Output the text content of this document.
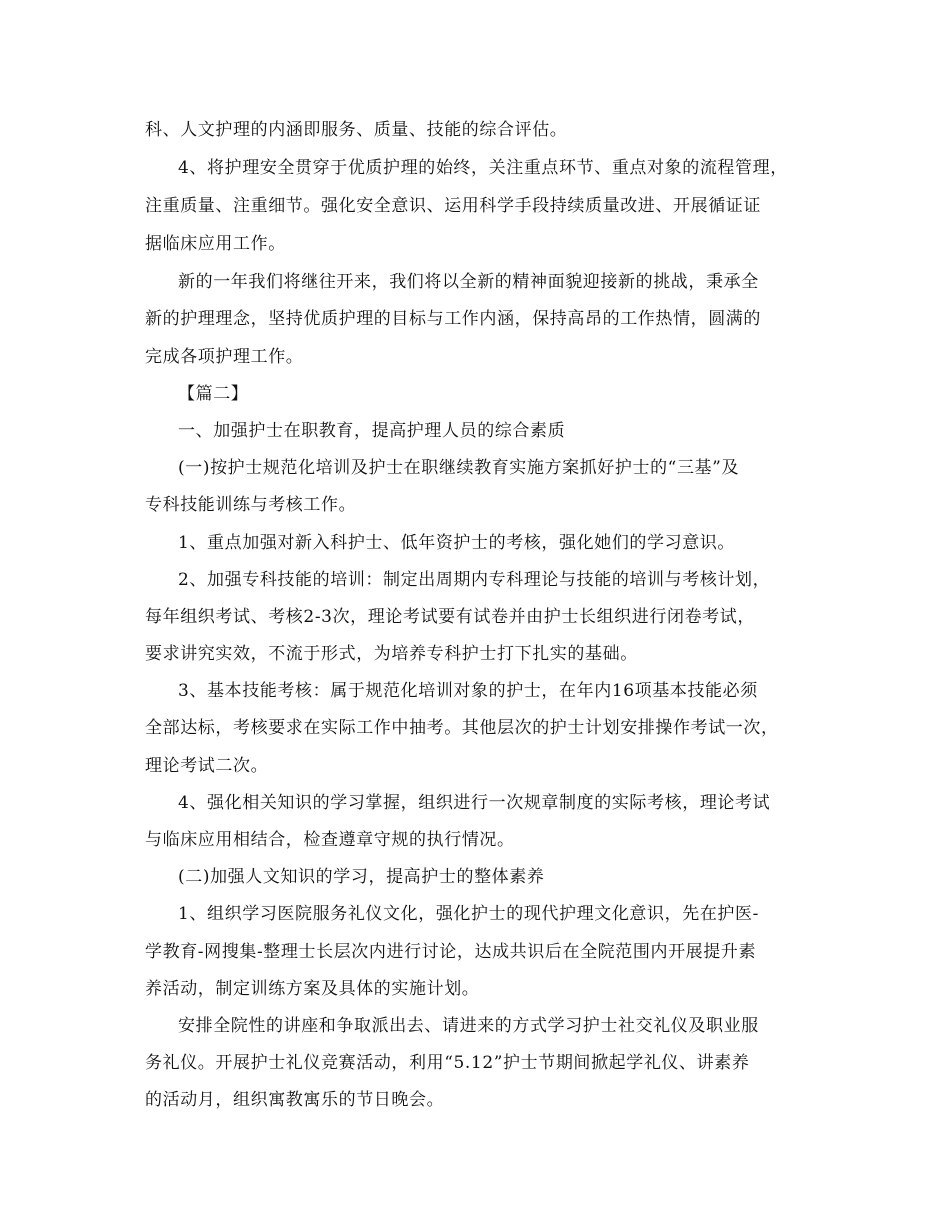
科、人文护理的内涵即服务、质量、技能的综合评估。
4、将护理安全贯穿于优质护理的始终，关注重点环节、重点对象的流程管理，
注重质量、注重细节。强化安全意识、运用科学手段持续质量改进、开展循证证
据临床应用工作。
新的一年我们将继往开来，我们将以全新的精神面貌迎接新的挑战，秉承全
新的护理理念，坚持优质护理的目标与工作内涵，保持高昂的工作热情，圆满的
完成各项护理工作。
【篇二】
一、加强护士在职教育，提高护理人员的综合素质
(一)按护士规范化培训及护士在职继续教育实施方案抓好护士的“三基”及
专科技能训练与考核工作。
1、重点加强对新入科护士、低年资护士的考核，强化她们的学习意识。
2、加强专科技能的培训：制定出周期内专科理论与技能的培训与考核计划，
每年组织考试、考核2-3次，理论考试要有试卷并由护士长组织进行闭卷考试，
要求讲究实效，不流于形式，为培养专科护士打下扎实的基础。
3、基本技能考核：属于规范化培训对象的护士，在年内16项基本技能必须
全部达标，考核要求在实际工作中抽考。其他层次的护士计划安排操作考试一次，
理论考试二次。
4、强化相关知识的学习掌握，组织进行一次规章制度的实际考核，理论考试
与临床应用相结合，检查遵章守规的执行情况。
(二)加强人文知识的学习，提高护士的整体素养
1、组织学习医院服务礼仪文化，强化护士的现代护理文化意识，先在护医-
学教育-网搜集-整理士长层次内进行讨论，达成共识后在全院范围内开展提升素
养活动，制定训练方案及具体的实施计划。
安排全院性的讲座和争取派出去、请进来的方式学习护士社交礼仪及职业服
务礼仪。开展护士礼仪竞赛活动，利用“5.12”护士节期间掀起学礼仪、讲素养
的活动月，组织寓教寓乐的节日晚会。
